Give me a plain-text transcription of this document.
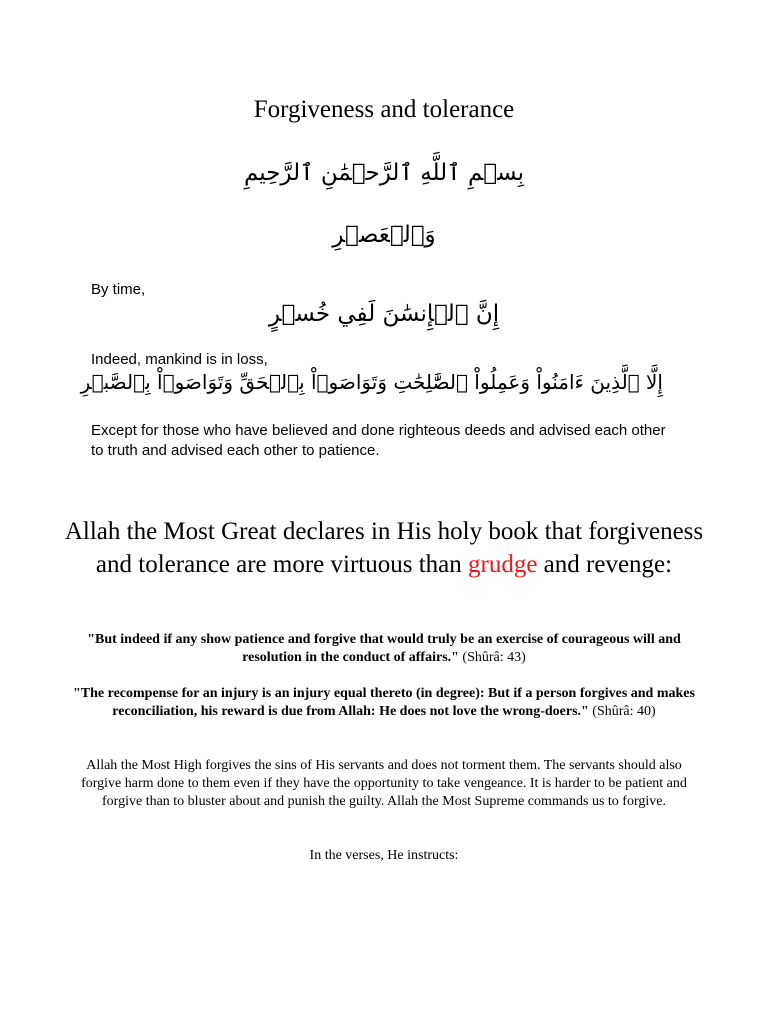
Forgiveness and tolerance
بِسۡمِ ٱللَّهِ ٱلرَّحۡمَٰنِ ٱلرَّحِيمِ
وَٱلۡعَصۡرِ
By time,
إِنَّ ٱلۡإِنسَٰنَ لَفِي خُسۡرٍ
Indeed, mankind is in loss,
إِلَّا ٱلَّذِينَ ءَامَنُواْ وَعَمِلُواْ ٱلصَّٰلِحَٰتِ وَتَوَاصَوۡاْ بِٱلۡحَقِّ وَتَوَاصَوۡاْ بِٱلصَّبۡرِ
Except for those who have believed and done righteous deeds and advised each other to truth and advised each other to patience.
Allah the Most Great declares in His holy book that forgiveness and tolerance are more virtuous than grudge and revenge:
"But indeed if any show patience and forgive that would truly be an exercise of courageous will and resolution in the conduct of affairs." (Shûrâ: 43)
"The recompense for an injury is an injury equal thereto (in degree): But if a person forgives and makes reconciliation, his reward is due from Allah: He does not love the wrong-doers." (Shûrâ: 40)
Allah the Most High forgives the sins of His servants and does not torment them. The servants should also forgive harm done to them even if they have the opportunity to take vengeance. It is harder to be patient and forgive than to bluster about and punish the guilty. Allah the Most Supreme commands us to forgive.
In the verses, He instructs:
